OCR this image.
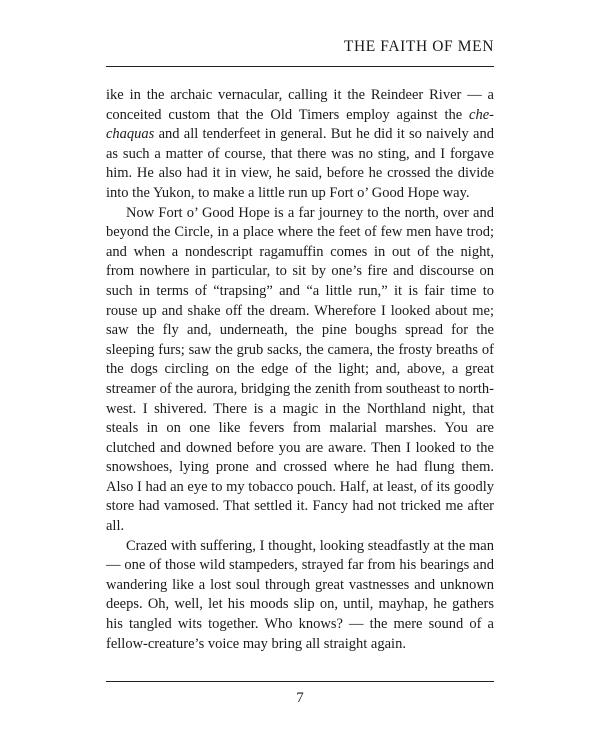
THE FAITH OF MEN

ike in the archaic vernacular, calling it the Reindeer River — a conceited custom that the Old Timers employ against the che-chaquas and all tenderfeet in general. But he did it so naively and as such a matter of course, that there was no sting, and I forgave him. He also had it in view, he said, before he crossed the divide into the Yukon, to make a little run up Fort o’ Good Hope way.

Now Fort o’ Good Hope is a far journey to the north, over and beyond the Circle, in a place where the feet of few men have trod; and when a nondescript ragamuffin comes in out of the night, from nowhere in particular, to sit by one’s fire and discourse on such in terms of “trapsing” and “a little run,” it is fair time to rouse up and shake off the dream. Wherefore I looked about me; saw the fly and, underneath, the pine boughs spread for the sleeping furs; saw the grub sacks, the camera, the frosty breaths of the dogs circling on the edge of the light; and, above, a great streamer of the aurora, bridging the zenith from southeast to north-west. I shivered. There is a magic in the Northland night, that steals in on one like fevers from malarial marshes. You are clutched and downed before you are aware. Then I looked to the snowshoes, lying prone and crossed where he had flung them. Also I had an eye to my tobacco pouch. Half, at least, of its goodly store had vamosed. That settled it. Fancy had not tricked me after all.

Crazed with suffering, I thought, looking steadfastly at the man — one of those wild stampeders, strayed far from his bearings and wandering like a lost soul through great vastnesses and unknown deeps. Oh, well, let his moods slip on, until, mayhap, he gathers his tangled wits together. Who knows? — the mere sound of a fellow-creature’s voice may bring all straight again.

7
